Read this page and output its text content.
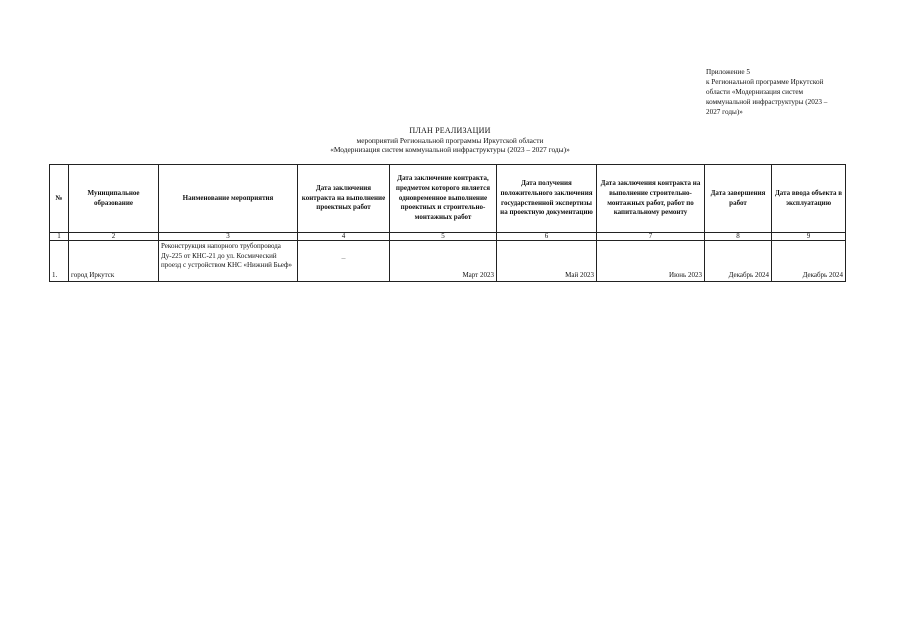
Приложение 5
к Региональной программе Иркутской
области «Модернизация систем
коммунальной инфраструктуры (2023 –
2027 годы)»
ПЛАН РЕАЛИЗАЦИИ
мероприятий Региональной программы Иркутской области
«Модернизация систем коммунальной инфраструктуры (2023 – 2027 годы)»
№	Муниципальное образование	Наименование мероприятия	Дата заключения контракта на выполнение проектных работ	Дата заключение контракта, предметом которого является одновременное выполнение проектных и строительно-монтажных работ	Дата получения положительного заключения государственной экспертизы на проектную документацию	Дата заключения контракта на выполнение строительно-монтажных работ, работ по капитальному ремонту	Дата завершения работ	Дата ввода объекта в эксплуатацию
1	2	3	4	5	6	7	8	9
1.	город Иркутск	Реконструкция напорного трубопровода Ду-225 от КНС-21 до ул. Космический проезд с устройством КНС «Нижний Бьеф»	–	Март 2023	Май 2023	Июнь 2023	Декабрь 2024	Декабрь 2024
